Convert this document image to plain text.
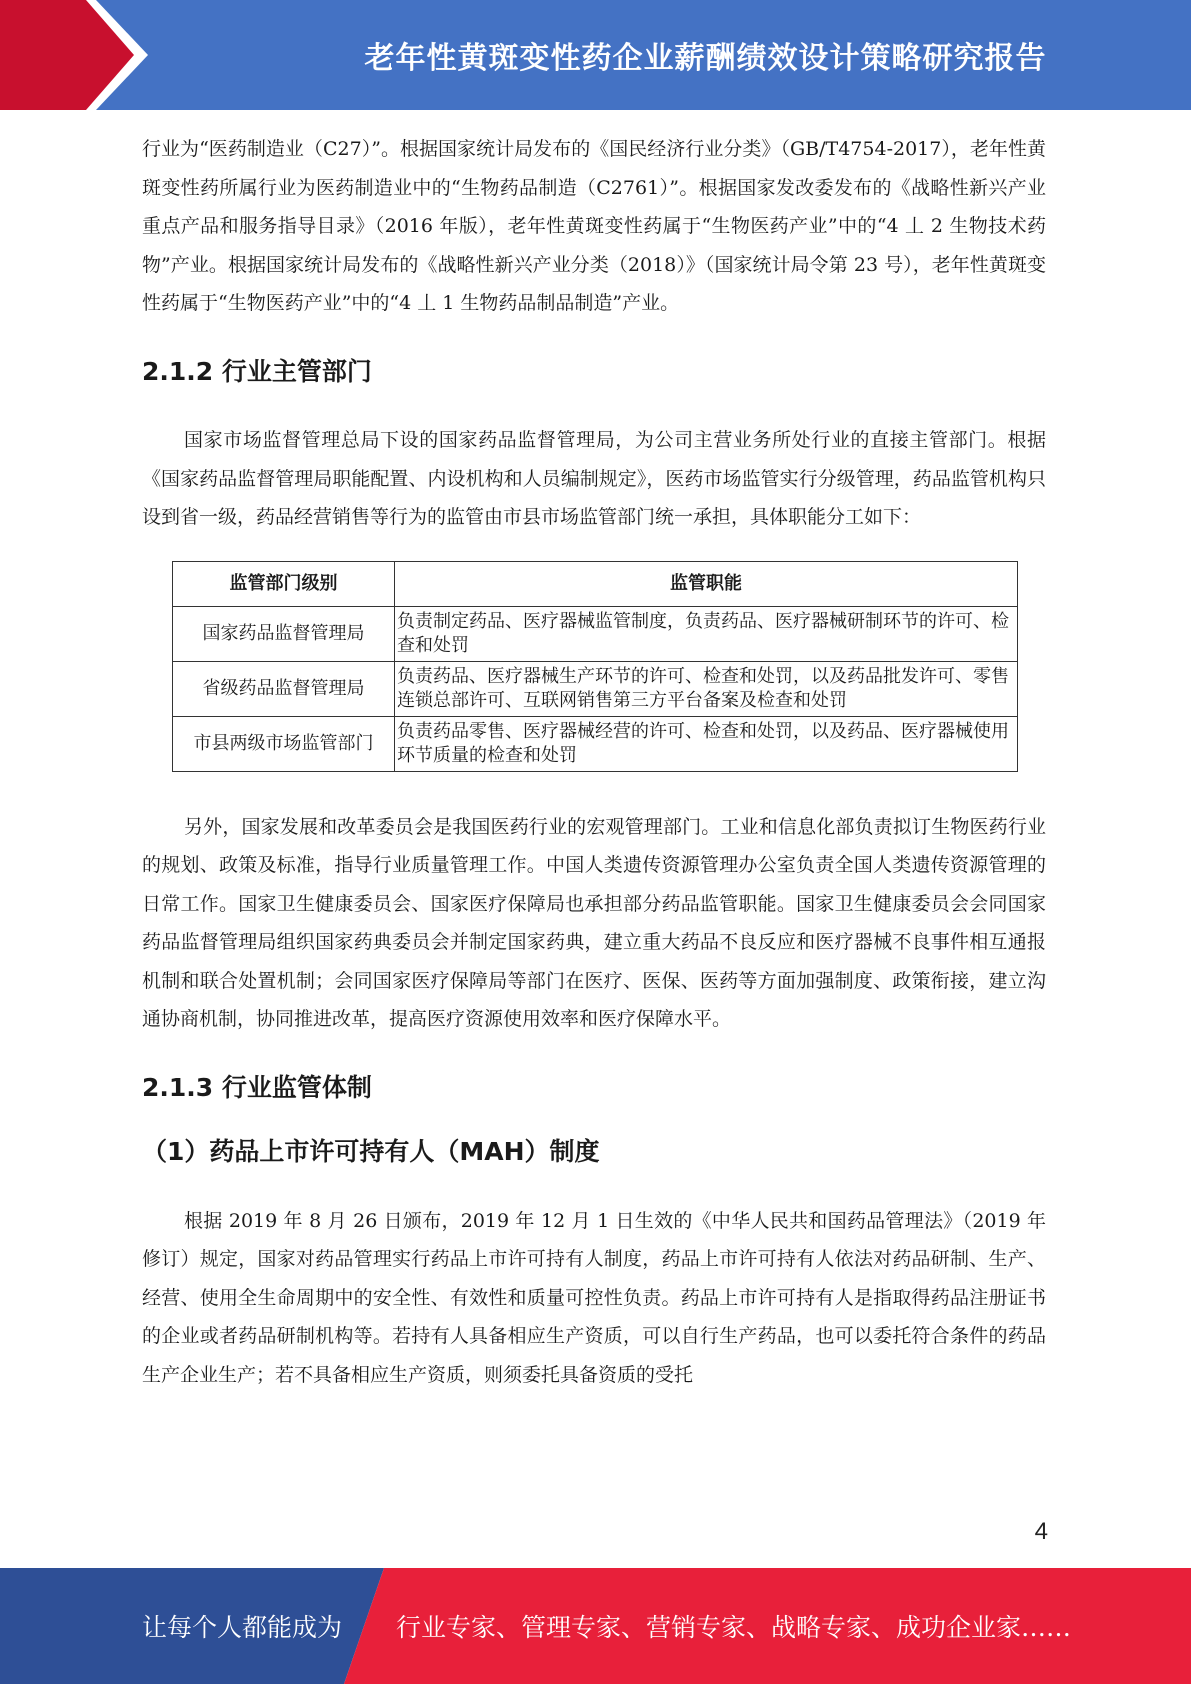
老年性黄斑变性药企业薪酬绩效设计策略研究报告

行业为“医药制造业（C27）”。根据国家统计局发布的《国民经济行业分类》（GB/T4754-2017），老年性黄斑变性药所属行业为医药制造业中的“生物药品制造（C2761）”。根据国家发改委发布的《战略性新兴产业重点产品和服务指导目录》（2016 年版），老年性黄斑变性药属于“生物医药产业”中的“4 丄 2 生物技术药物”产业。根据国家统计局发布的《战略性新兴产业分类（2018）》（国家统计局令第 23 号），老年性黄斑变性药属于“生物医药产业”中的“4 丄 1 生物药品制品制造”产业。

2.1.2 行业主管部门

国家市场监督管理总局下设的国家药品监督管理局，为公司主营业务所处行业的直接主管部门。根据《国家药品监督管理局职能配置、内设机构和人员编制规定》，医药市场监管实行分级管理，药品监管机构只设到省一级，药品经营销售等行为的监管由市县市场监管部门统一承担，具体职能分工如下：

监管部门级别	监管职能
国家药品监督管理局	负责制定药品、医疗器械监管制度，负责药品、医疗器械研制环节的许可、检查和处罚
省级药品监督管理局	负责药品、医疗器械生产环节的许可、检查和处罚，以及药品批发许可、零售连锁总部许可、互联网销售第三方平台备案及检查和处罚
市县两级市场监管部门	负责药品零售、医疗器械经营的许可、检查和处罚，以及药品、医疗器械使用环节质量的检查和处罚

另外，国家发展和改革委员会是我国医药行业的宏观管理部门。工业和信息化部负责拟订生物医药行业的规划、政策及标准，指导行业质量管理工作。中国人类遗传资源管理办公室负责全国人类遗传资源管理的日常工作。国家卫生健康委员会、国家医疗保障局也承担部分药品监管职能。国家卫生健康委员会会同国家药品监督管理局组织国家药典委员会并制定国家药典，建立重大药品不良反应和医疗器械不良事件相互通报机制和联合处置机制；会同国家医疗保障局等部门在医疗、医保、医药等方面加强制度、政策衔接，建立沟通协商机制，协同推进改革，提高医疗资源使用效率和医疗保障水平。

2.1.3 行业监管体制

（1）药品上市许可持有人（MAH）制度

根据 2019 年 8 月 26 日颁布，2019 年 12 月 1 日生效的《中华人民共和国药品管理法》（2019 年修订）规定，国家对药品管理实行药品上市许可持有人制度，药品上市许可持有人依法对药品研制、生产、经营、使用全生命周期中的安全性、有效性和质量可控性负责。药品上市许可持有人是指取得药品注册证书的企业或者药品研制机构等。若持有人具备相应生产资质，可以自行生产药品，也可以委托符合条件的药品生产企业生产；若不具备相应生产资质，则须委托具备资质的受托

4
让每个人都能成为 行业专家、管理专家、营销专家、战略专家、成功企业家……
